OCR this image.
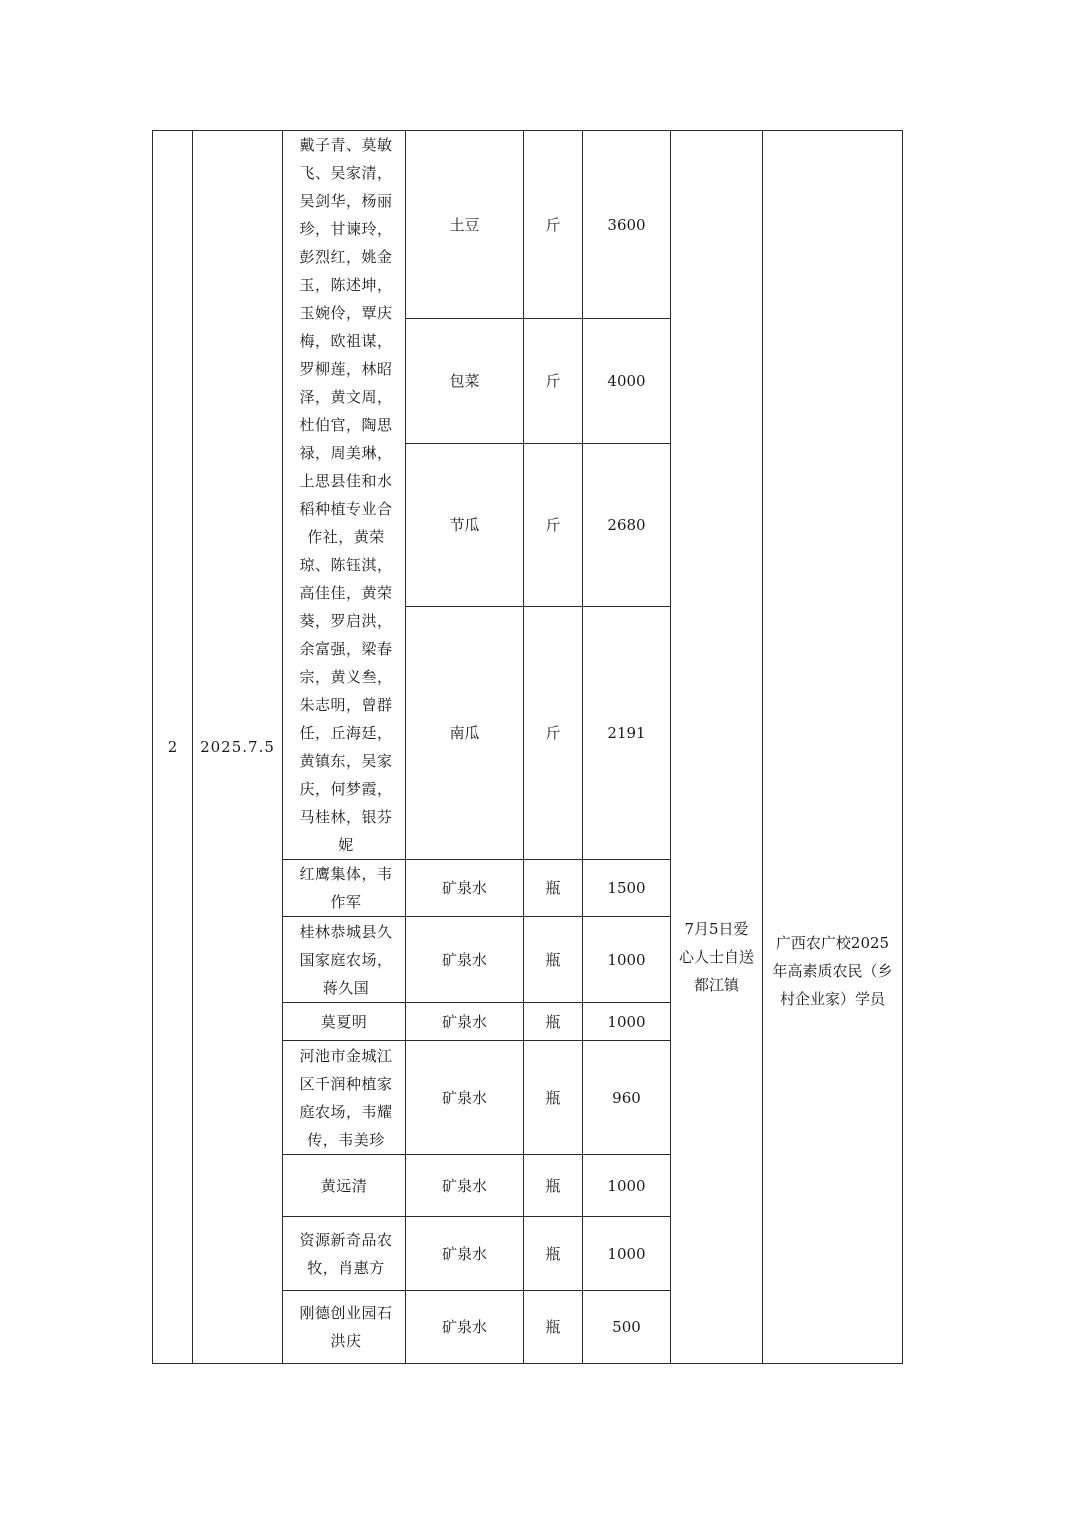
2	2025.7.5	戴子青、莫敏飞、吴家清，吴剑华，杨丽珍，甘谏玲，彭烈红，姚金玉，陈述坤，玉婉伶，覃庆梅，欧祖谋，罗柳莲，林昭泽，黄文周，杜伯官，陶思禄，周美琳，上思县佳和水稻种植专业合作社，黄荣琼、陈钰淇，高佳佳，黄荣葵，罗启洪，余富强，梁春宗，黄义叁，朱志明，曾群任，丘海廷，黄镇东，吴家庆，何梦霞，马桂林，银芬妮	土豆	斤	3600	7月5日爱心人士自送都江镇	广西农广校2025年高素质农民（乡村企业家）学员

			包菜	斤	4000		
			节瓜	斤	2680		
			南瓜	斤	2191		
		红鹰集体，韦作军	矿泉水	瓶	1500		
		桂林恭城县久国家庭农场，蒋久国	矿泉水	瓶	1000		
		莫夏明	矿泉水	瓶	1000		
		河池市金城江区千润种植家庭农场，韦耀传，韦美珍	矿泉水	瓶	960		
		黄远清	矿泉水	瓶	1000		
		资源新奇品农牧，肖惠方	矿泉水	瓶	1000		
		刚德创业园石洪庆	矿泉水	瓶	500		
